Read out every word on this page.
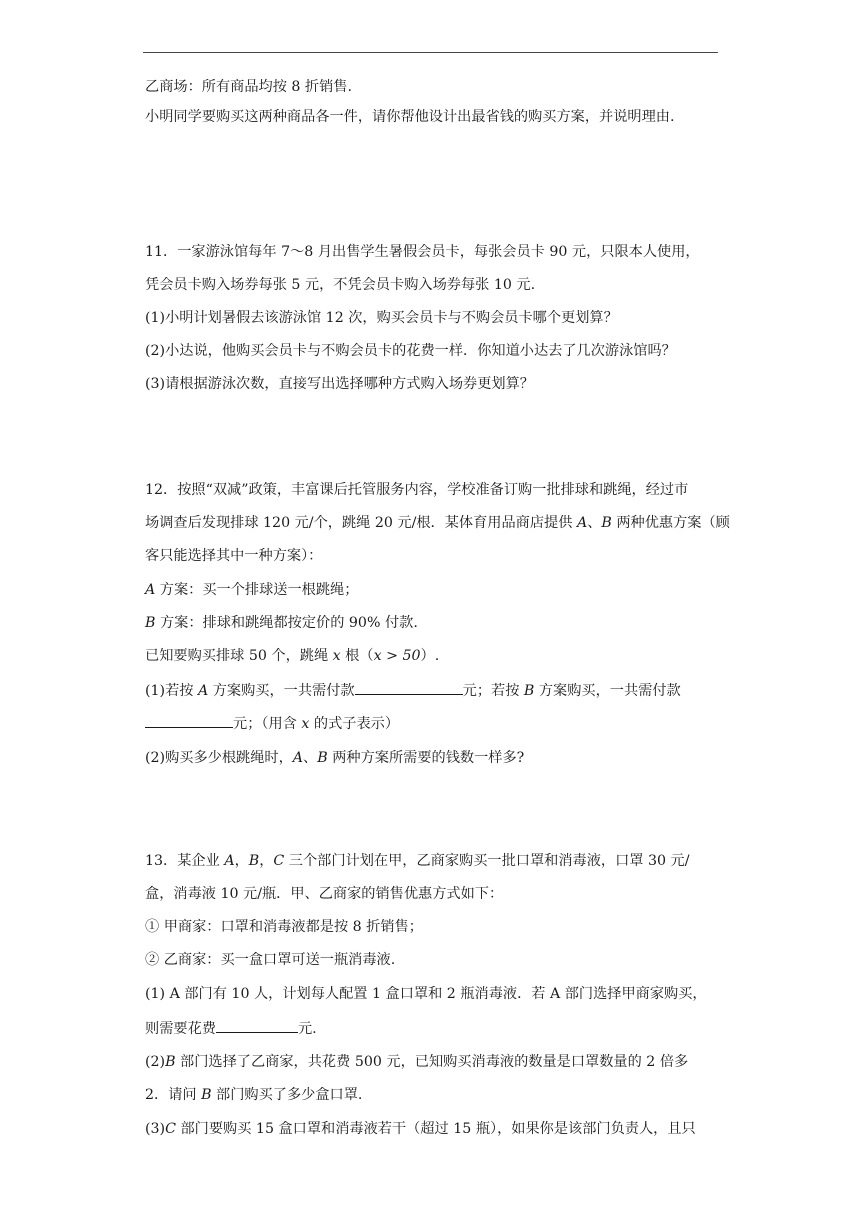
乙商场：所有商品均按 8 折销售.
小明同学要购买这两种商品各一件，请你帮他设计出最省钱的购买方案，并说明理由.
11．一家游泳馆每年 7～8 月出售学生暑假会员卡，每张会员卡 90 元，只限本人使用，
凭会员卡购入场券每张 5 元，不凭会员卡购入场券每张 10 元.
(1)小明计划暑假去该游泳馆 12 次，购买会员卡与不购会员卡哪个更划算？
(2)小达说，他购买会员卡与不购会员卡的花费一样．你知道小达去了几次游泳馆吗？
(3)请根据游泳次数，直接写出选择哪种方式购入场券更划算？
12．按照“双减”政策，丰富课后托管服务内容，学校准备订购一批排球和跳绳，经过市
场调查后发现排球 120 元/个，跳绳 20 元/根．某体育用品商店提供 A、B 两种优惠方案（顾
客只能选择其中一种方案）：
A 方案：买一个排球送一根跳绳；
B 方案：排球和跳绳都按定价的 90% 付款.
已知要购买排球 50 个，跳绳 x 根（x > 50）.
(1)若按 A 方案购买，一共需付款	元；若按 B 方案购买，一共需付款
元；（用含 x 的式子表示）
(2)购买多少根跳绳时，A、B 两种方案所需要的钱数一样多?
13．某企业 A，B，C 三个部门计划在甲，乙商家购买一批口罩和消毒液，口罩 30 元/
盒，消毒液 10 元/瓶．甲、乙商家的销售优惠方式如下：
① 甲商家：口罩和消毒液都是按 8 折销售；
② 乙商家：买一盒口罩可送一瓶消毒液.
(1) A 部门有 10 人，计划每人配置 1 盒口罩和 2 瓶消毒液．若 A 部门选择甲商家购买，
则需要花费	元.
(2)B 部门选择了乙商家，共花费 500 元，已知购买消毒液的数量是口罩数量的 2 倍多
2．请问 B 部门购买了多少盒口罩.
(3)C 部门要购买 15 盒口罩和消毒液若干（超过 15 瓶），如果你是该部门负责人，且只
